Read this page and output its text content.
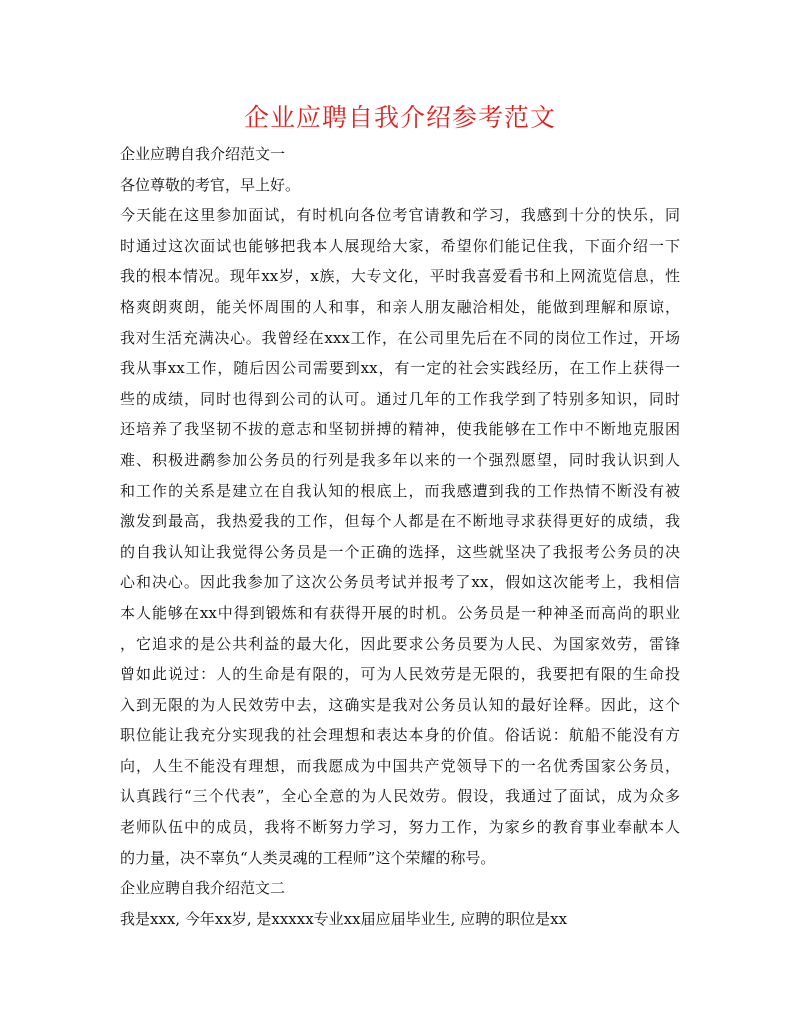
企业应聘自我介绍参考范文
企业应聘自我介绍范文一
各位尊敬的考官，早上好。
今天能在这里参加面试，有时机向各位考官请教和学习，我感到十分的快乐，同
时通过这次面试也能够把我本人展现给大家，希望你们能记住我，下面介绍一下
我的根本情况。现年xx岁，x族，大专文化，平时我喜爱看书和上网流览信息，性
格爽朗爽朗，能关怀周围的人和事，和亲人朋友融洽相处，能做到理解和原谅，
我对生活充满决心。我曾经在xxx工作，在公司里先后在不同的岗位工作过，开场
我从事xx工作，随后因公司需要到xx，有一定的社会实践经历，在工作上获得一
些的成绩，同时也得到公司的认可。通过几年的工作我学到了特别多知识，同时
还培养了我坚韧不拔的意志和坚韧拼搏的精神，使我能够在工作中不断地克服困
难、积极进鹬参加公务员的行列是我多年以来的一个强烈愿望，同时我认识到人
和工作的关系是建立在自我认知的根底上，而我感遭到我的工作热情不断没有被
激发到最高，我热爱我的工作，但每个人都是在不断地寻求获得更好的成绩，我
的自我认知让我觉得公务员是一个正确的选择，这些就坚决了我报考公务员的决
心和决心。因此我参加了这次公务员考试并报考了xx，假如这次能考上，我相信
本人能够在xx中得到锻炼和有获得开展的时机。公务员是一种神圣而高尚的职业
，它追求的是公共利益的最大化，因此要求公务员要为人民、为国家效劳，雷锋
曾如此说过：人的生命是有限的，可为人民效劳是无限的，我要把有限的生命投
入到无限的为人民效劳中去，这确实是我对公务员认知的最好诠释。因此，这个
职位能让我充分实现我的社会理想和表达本身的价值。俗话说：航船不能没有方
向，人生不能没有理想，而我愿成为中国共产党领导下的一名优秀国家公务员，
认真践行“三个代表”，全心全意的为人民效劳。假设，我通过了面试，成为众多
老师队伍中的成员，我将不断努力学习，努力工作，为家乡的教育事业奉献本人
的力量，决不辜负“人类灵魂的工程师”这个荣耀的称号。
企业应聘自我介绍范文二
我是xxx, 今年xx岁, 是xxxxx专业xx届应届毕业生, 应聘的职位是xx
